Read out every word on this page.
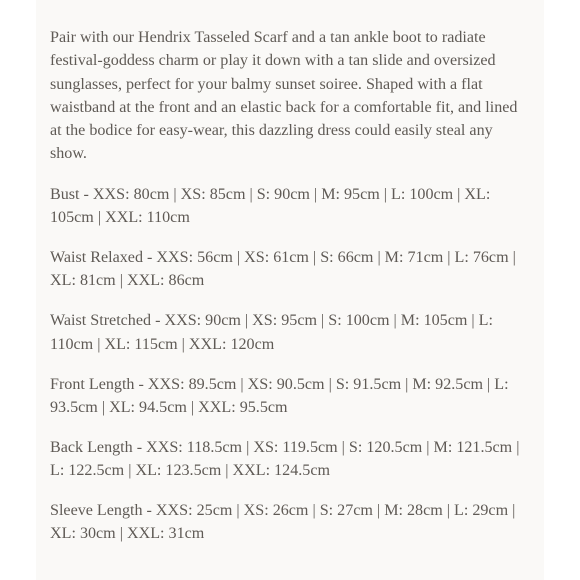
Pair with our Hendrix Tasseled Scarf and a tan ankle boot to radiate festival-goddess charm or play it down with a tan slide and oversized sunglasses, perfect for your balmy sunset soiree. Shaped with a flat waistband at the front and an elastic back for a comfortable fit, and lined at the bodice for easy-wear, this dazzling dress could easily steal any show.

Bust - XXS: 80cm | XS: 85cm | S: 90cm | M: 95cm | L: 100cm | XL: 105cm | XXL: 110cm

Waist Relaxed - XXS: 56cm | XS: 61cm | S: 66cm | M: 71cm | L: 76cm | XL: 81cm | XXL: 86cm

Waist Stretched - XXS: 90cm | XS: 95cm | S: 100cm | M: 105cm | L: 110cm | XL: 115cm | XXL: 120cm

Front Length - XXS: 89.5cm | XS: 90.5cm | S: 91.5cm | M: 92.5cm | L: 93.5cm | XL: 94.5cm | XXL: 95.5cm

Back Length - XXS: 118.5cm | XS: 119.5cm | S: 120.5cm | M: 121.5cm | L: 122.5cm | XL: 123.5cm | XXL: 124.5cm

Sleeve Length - XXS: 25cm | XS: 26cm | S: 27cm | M: 28cm | L: 29cm | XL: 30cm | XXL: 31cm
